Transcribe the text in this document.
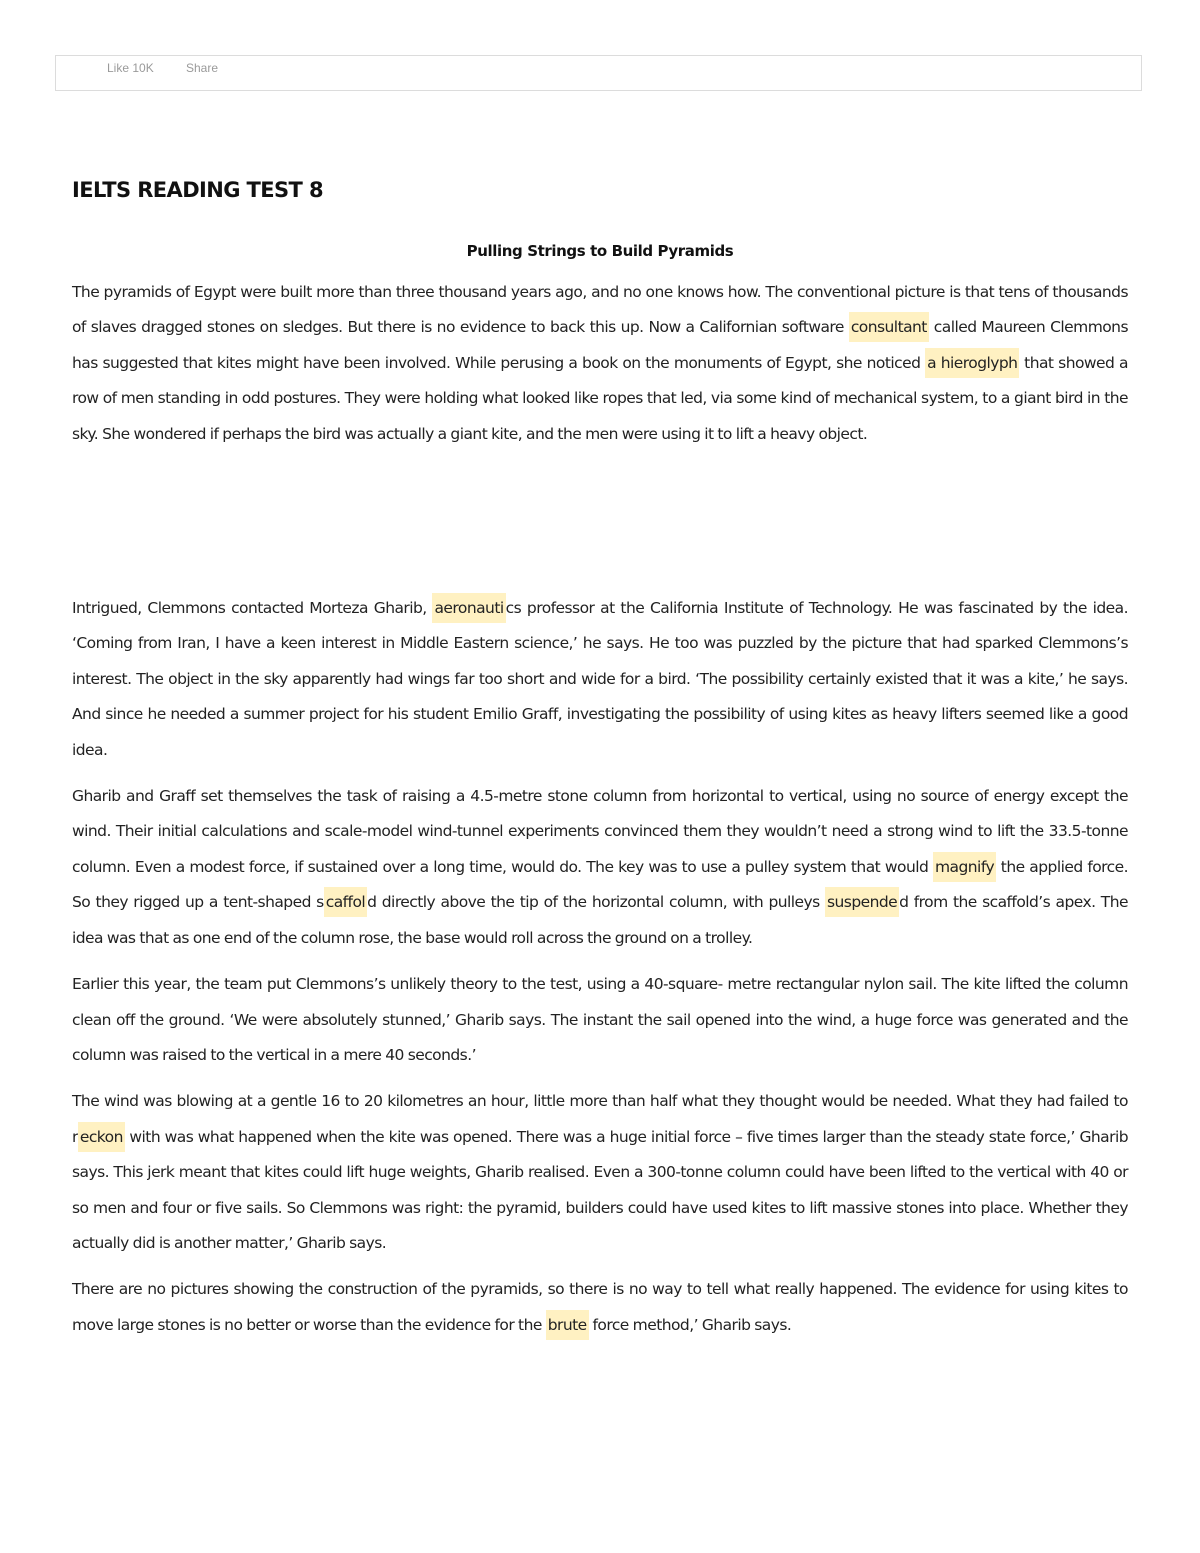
Like 10K	Share
IELTS READING TEST 8
Pulling Strings to Build Pyramids

The pyramids of Egypt were built more than three thousand years ago, and no one knows how. The conventional picture is that tens of thousands of slaves dragged stones on sledges. But there is no evidence to back this up. Now a Californian software consultant called Maureen Clemmons has suggested that kites might have been involved. While perusing a book on the monuments of Egypt, she noticed a hieroglyph that showed a row of men standing in odd postures. They were holding what looked like ropes that led, via some kind of mechanical system, to a giant bird in the sky. She wondered if perhaps the bird was actually a giant kite, and the men were using it to lift a heavy object.

Intrigued, Clemmons contacted Morteza Gharib, aeronauti cs professor at the California Institute of Technology. He was fascinated by the idea. ‘Coming from Iran, I have a keen interest in Middle Eastern science,’ he says. He too was puzzled by the picture that had sparked Clemmons’s interest. The object in the sky apparently had wings far too short and wide for a bird. ‘The possibility certainly existed that it was a kite,’ he says. And since he needed a summer project for his student Emilio Graff, investigating the possibility of using kites as heavy lifters seemed like a good idea.

Gharib and Graff set themselves the task of raising a 4.5-metre stone column from horizontal to vertical, using no source of energy except the wind. Their initial calculations and scale-model wind-tunnel experiments convinced them they wouldn’t need a strong wind to lift the 33.5-tonne column. Even a modest force, if sustained over a long time, would do. The key was to use a pulley system that would magnify the applied force. So they rigged up a tent-shaped s caffol d directly above the tip of the horizontal column, with pulleys suspende d from the scaffold’s apex. The idea was that as one end of the column rose, the base would roll across the ground on a trolley.

Earlier this year, the team put Clemmons’s unlikely theory to the test, using a 40-square- metre rectangular nylon sail. The kite lifted the column clean off the ground. ‘We were absolutely stunned,’ Gharib says. The instant the sail opened into the wind, a huge force was generated and the column was raised to the vertical in a mere 40 seconds.’

The wind was blowing at a gentle 16 to 20 kilometres an hour, little more than half what they thought would be needed. What they had failed to r eckon with was what happened when the kite was opened. There was a huge initial force – five times larger than the steady state force,’ Gharib says. This jerk meant that kites could lift huge weights, Gharib realised. Even a 300-tonne column could have been lifted to the vertical with 40 or so men and four or five sails. So Clemmons was right: the pyramid, builders could have used kites to lift massive stones into place. Whether they actually did is another matter,’ Gharib says.

There are no pictures showing the construction of the pyramids, so there is no way to tell what really happened. The evidence for using kites to move large stones is no better or worse than the evidence for the brute force method,’ Gharib says.
